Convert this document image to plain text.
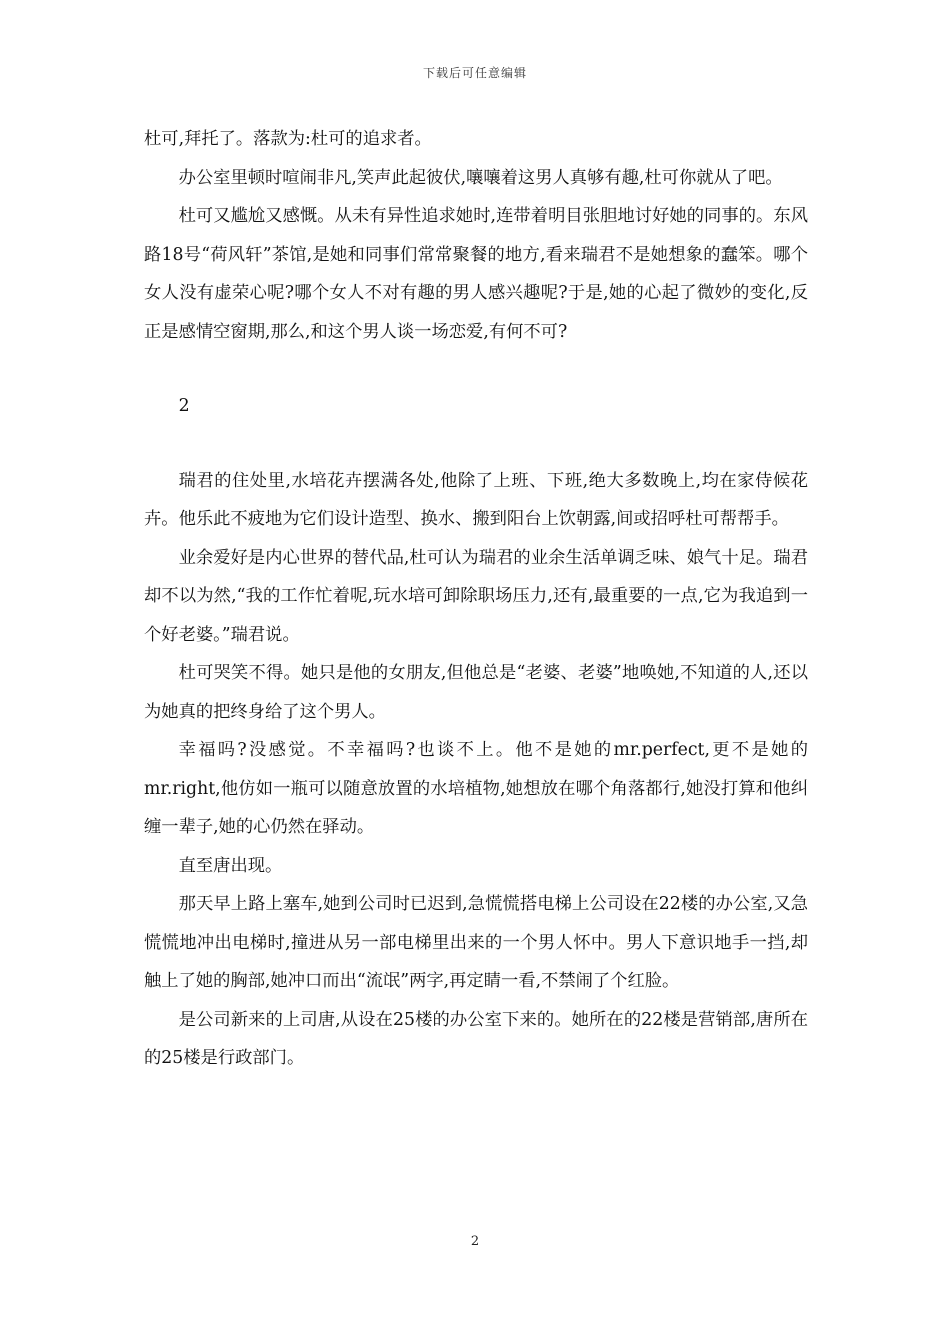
下载后可任意编辑

杜可,拜托了。落款为:杜可的追求者。

办公室里顿时喧闹非凡,笑声此起彼伏,嚷嚷着这男人真够有趣,杜可你就从了吧。

杜可又尴尬又感慨。从未有异性追求她时,连带着明目张胆地讨好她的同事的。东风路18号“荷风轩”茶馆,是她和同事们常常聚餐的地方,看来瑞君不是她想象的蠢笨。哪个女人没有虚荣心呢?哪个女人不对有趣的男人感兴趣呢?于是,她的心起了微妙的变化,反正是感情空窗期,那么,和这个男人谈一场恋爱,有何不可?

2

瑞君的住处里,水培花卉摆满各处,他除了上班、下班,绝大多数晚上,均在家侍候花卉。他乐此不疲地为它们设计造型、换水、搬到阳台上饮朝露,间或招呼杜可帮帮手。

业余爱好是内心世界的替代品,杜可认为瑞君的业余生活单调乏味、娘气十足。瑞君却不以为然,“我的工作忙着呢,玩水培可卸除职场压力,还有,最重要的一点,它为我追到一个好老婆。”瑞君说。

杜可哭笑不得。她只是他的女朋友,但他总是“老婆、老婆”地唤她,不知道的人,还以为她真的把终身给了这个男人。

幸福吗?没感觉。不幸福吗?也谈不上。他不是她的mr.perfect,更不是她的mr.right,他仿如一瓶可以随意放置的水培植物,她想放在哪个角落都行,她没打算和他纠缠一辈子,她的心仍然在驿动。

直至唐出现。

那天早上路上塞车,她到公司时已迟到,急慌慌搭电梯上公司设在22楼的办公室,又急慌慌地冲出电梯时,撞进从另一部电梯里出来的一个男人怀中。男人下意识地手一挡,却触上了她的胸部,她冲口而出“流氓”两字,再定睛一看,不禁闹了个红脸。

是公司新来的上司唐,从设在25楼的办公室下来的。她所在的22楼是营销部,唐所在的25楼是行政部门。

2
